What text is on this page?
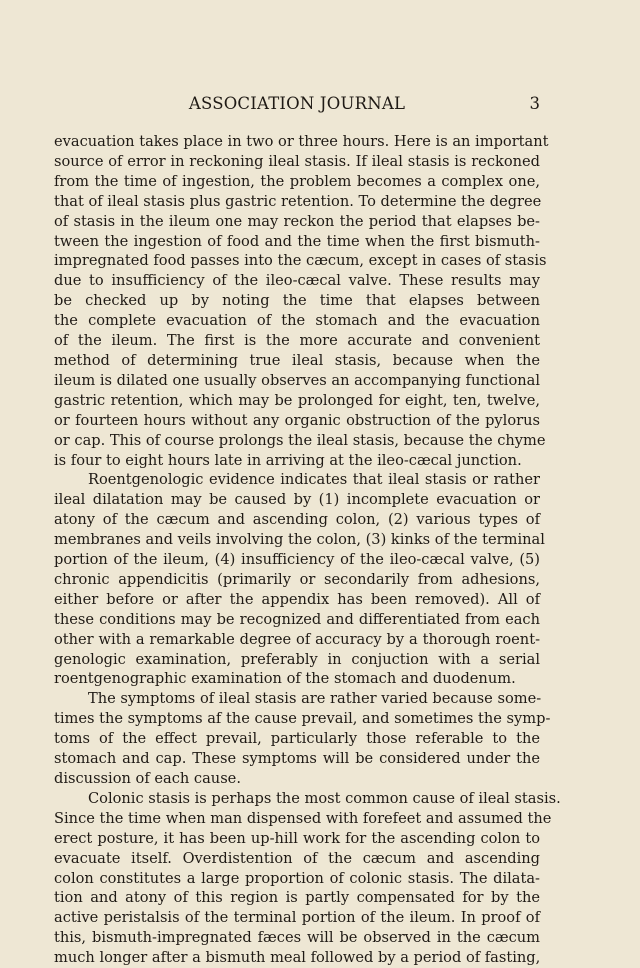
ASSOCIATION JOURNAL	3
evacuation takes place in two or three hours. Here is an important
source of error in reckoning ileal stasis. If ileal stasis is reckoned
from the time of ingestion, the problem becomes a complex one,
that of ileal stasis plus gastric retention. To determine the degree
of stasis in the ileum one may reckon the period that elapses be-
tween the ingestion of food and the time when the first bismuth-
impregnated food passes into the cæcum, except in cases of stasis
due to insufficiency of the ileo-cæcal valve. These results may
be checked up by noting the time that elapses between
the complete evacuation of the stomach and the evacuation
of the ileum. The first is the more accurate and convenient
method of determining true ileal stasis, because when the
ileum is dilated one usually observes an accompanying functional
gastric retention, which may be prolonged for eight, ten, twelve,
or fourteen hours without any organic obstruction of the pylorus
or cap. This of course prolongs the ileal stasis, because the chyme
is four to eight hours late in arriving at the ileo-cæcal junction.
Roentgenologic evidence indicates that ileal stasis or rather
ileal dilatation may be caused by (1) incomplete evacuation or
atony of the cæcum and ascending colon, (2) various types of
membranes and veils involving the colon, (3) kinks of the terminal
portion of the ileum, (4) insufficiency of the ileo-cæcal valve, (5)
chronic appendicitis (primarily or secondarily from adhesions,
either before or after the appendix has been removed). All of
these conditions may be recognized and differentiated from each
other with a remarkable degree of accuracy by a thorough roent-
genologic examination, preferably in conjuction with a serial
roentgenographic examination of the stomach and duodenum.
The symptoms of ileal stasis are rather varied because some-
times the symptoms af the cause prevail, and sometimes the symp-
toms of the effect prevail, particularly those referable to the
stomach and cap. These symptoms will be considered under the
discussion of each cause.
Colonic stasis is perhaps the most common cause of ileal stasis.
Since the time when man dispensed with forefeet and assumed the
erect posture, it has been up-hill work for the ascending colon to
evacuate itself. Overdistention of the cæcum and ascending
colon constitutes a large proportion of colonic stasis. The dilata-
tion and atony of this region is partly compensated for by the
active peristalsis of the terminal portion of the ileum. In proof of
this, bismuth-impregnated fæces will be observed in the cæcum
much longer after a bismuth meal followed by a period of fasting,
